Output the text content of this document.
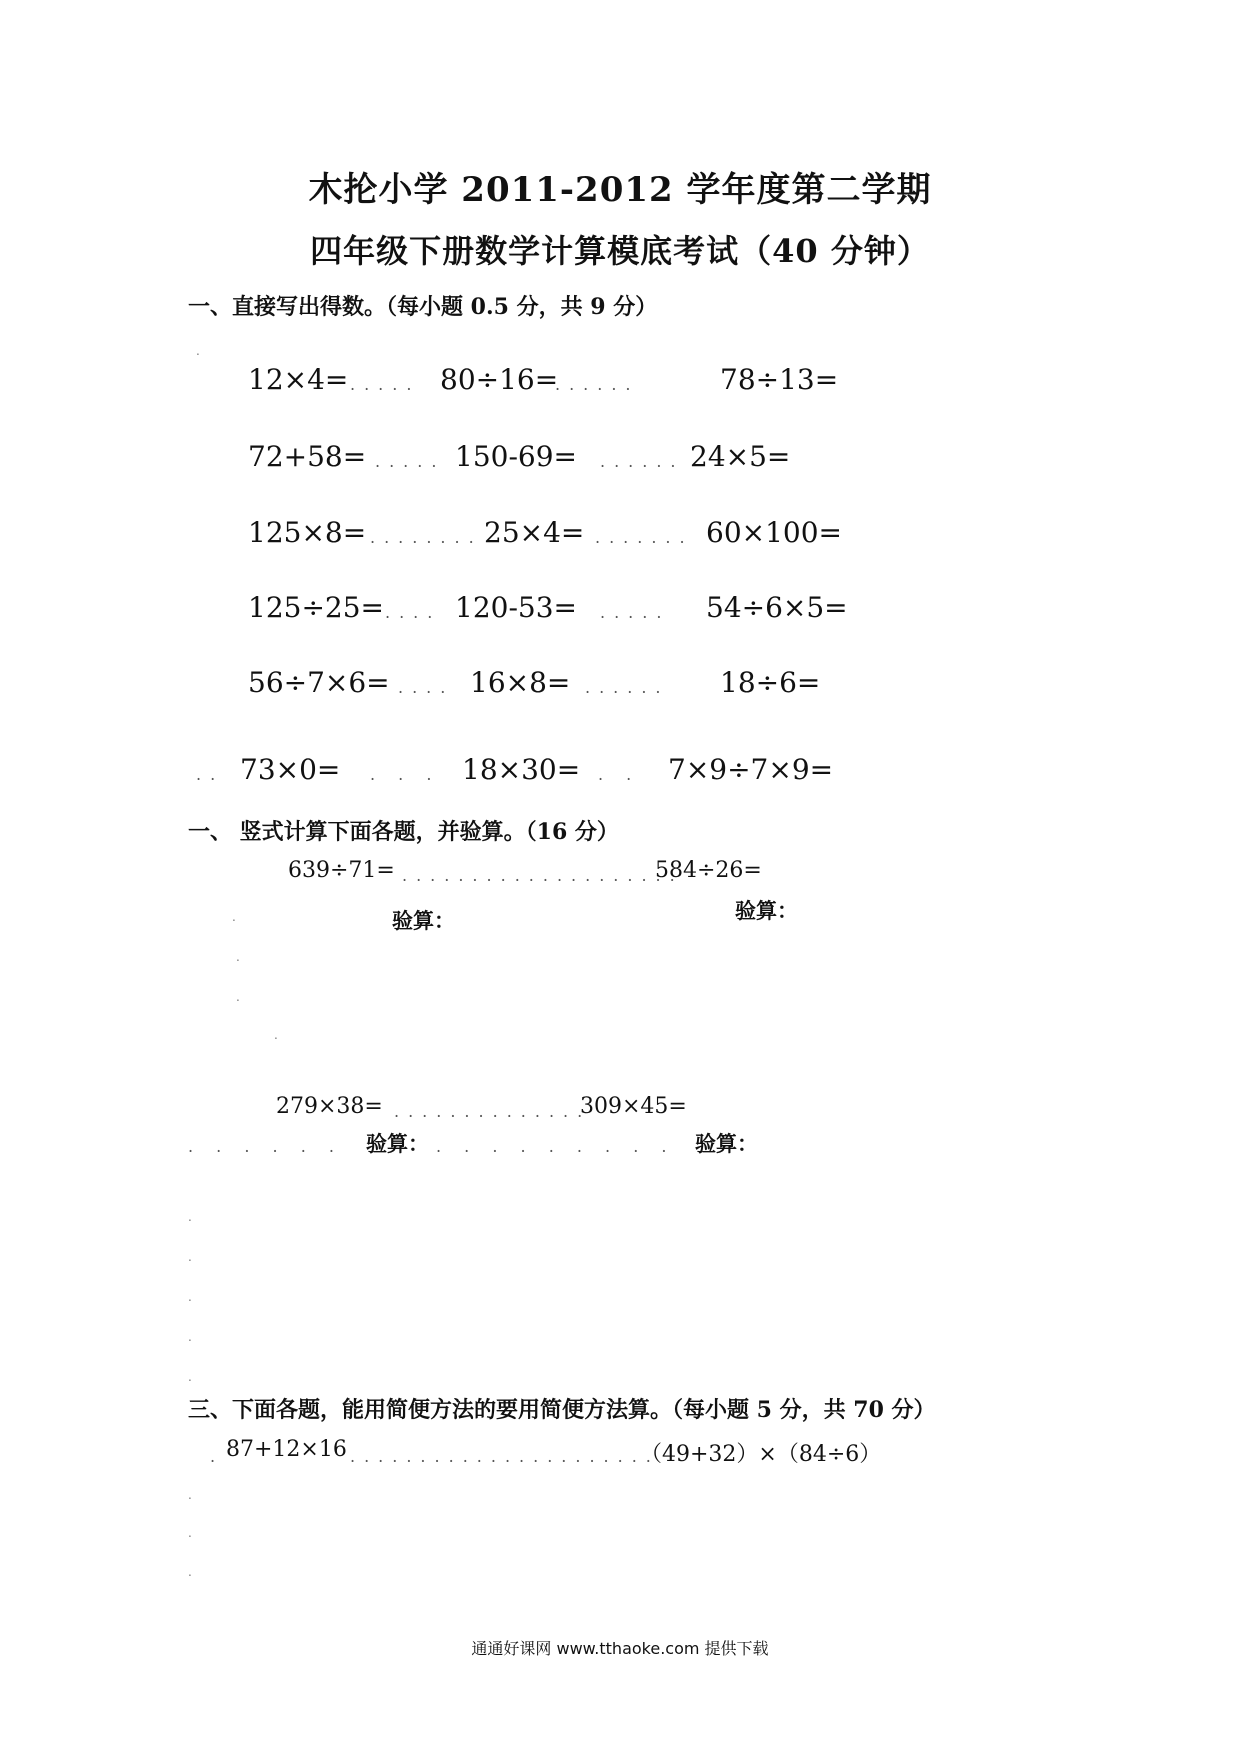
木抡小学 2011-2012 学年度第二学期
四年级下册数学计算模底考试（40 分钟）
一、直接写出得数。（每小题 0.5 分，共 9 分）
.
12×4= ..... 80÷16=
......	78÷13=
72+58= ..... 150-69= ...... 24×5=
125×8= ........ 25×4= ....... 60×100=
125÷25= .... 120-53= ..... 54÷6×5=
56÷7×6= .... 16×8= ...... 18÷6=
.. 73×0= . . . 18×30= . . 7×9÷7×9=
一、 竖式计算下面各题，并验算。（16 分）
639÷71= ....................
584÷26=
验算：	验算：
.
.
.
.
279×38= ..............
309×45=
. . . . . . 验算： . . . . . . . . . 验算：
.
.
.
.
.
三、下面各题，能用简便方法的要用简便方法算。（每小题 5 分，共 70 分）
. 87+12×16 ......................
（49+32）×（84÷6）
.
.
.
通通好课网 www.tthaoke.com 提供下载
